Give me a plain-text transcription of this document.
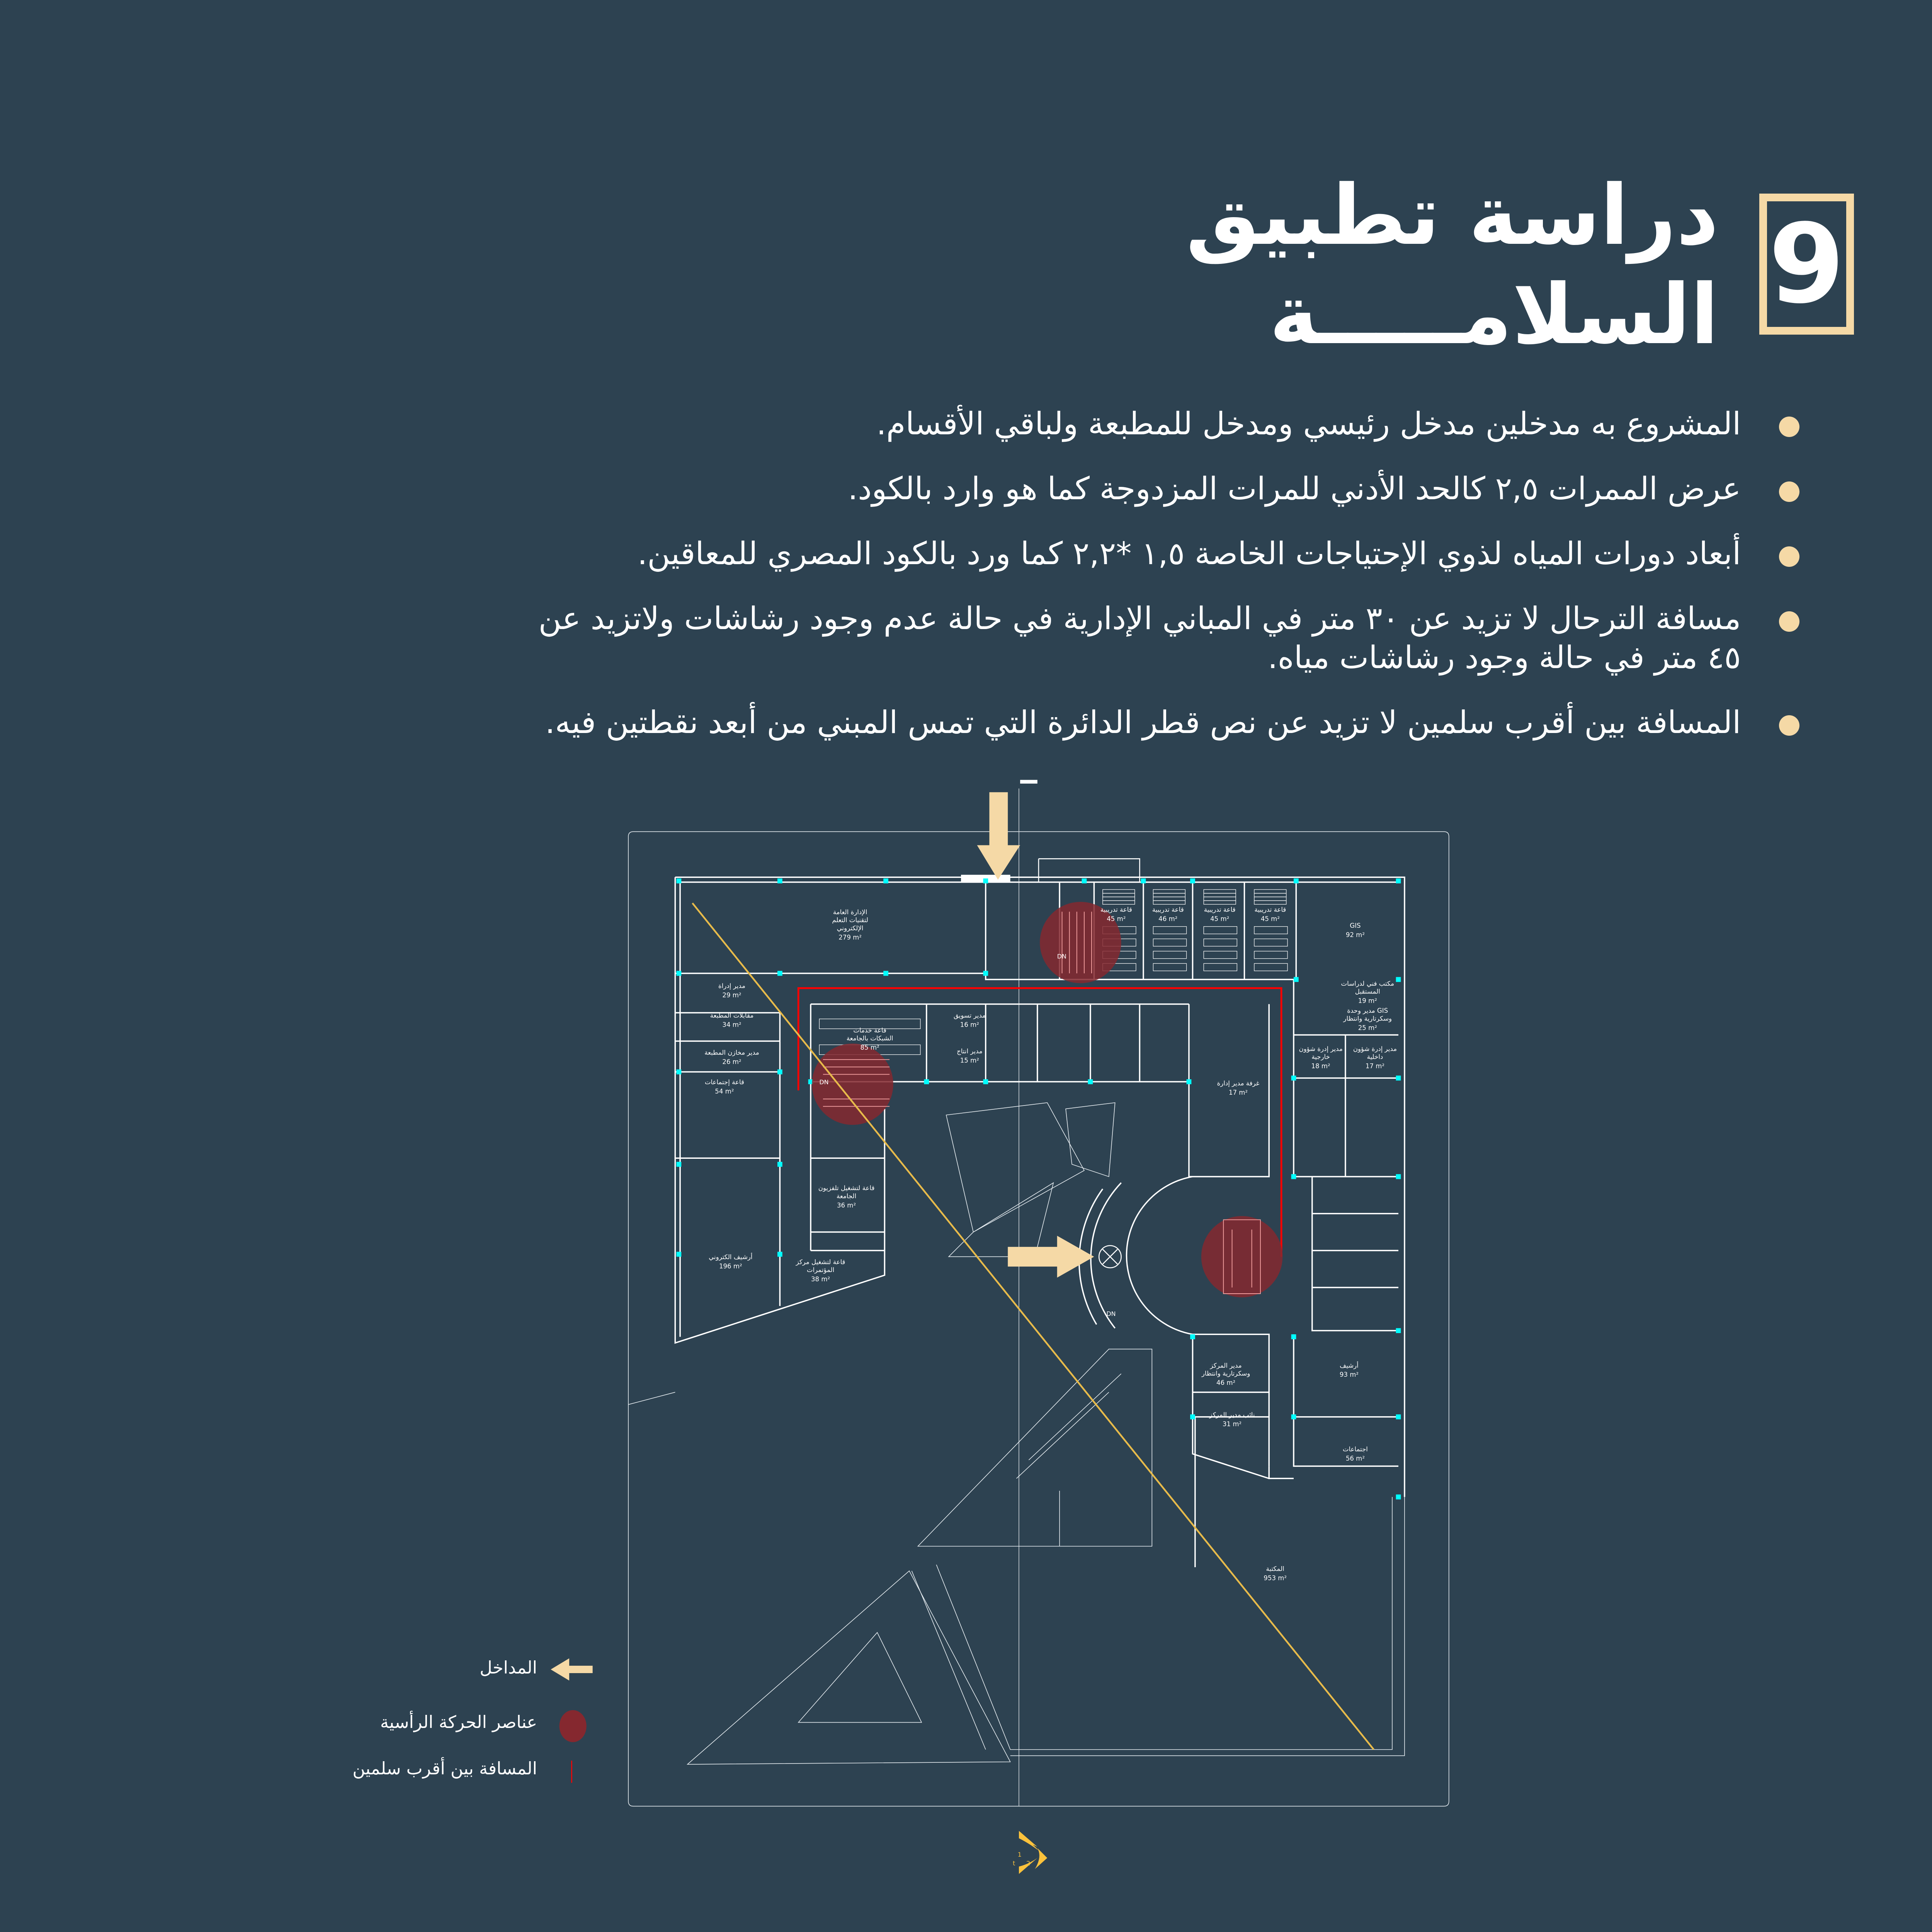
DN
DN
DN
الإدارة العامة
لتقنيات التعلم
الإلكتروني
279 m²
مدير إدراة
29 m²
مقابلات المطبعة
34 m²
مدير مخازن المطبعة
26 m²
قاعة إجتماعات
54 m²
قاعة خدمات
الشبكات بالجامعة
85 m²
مدير تسويق
16 m²
مدير انتاج
15 m²
قاعة تدريبية
45 m²
قاعة تدريبية
46 m²
قاعة تدريبية
45 m²
قاعة تدريبية
45 m²
GIS
92 m²
مكتب فني لدراسات
المستقبل
19 m²
مدير وحدة GIS
وسكرتارية وانتظار
25 m²
مدير إدرة شؤون
خارجية
18 m²
مدير إدرة شؤون
داخلية
17 m²
غرفة مدير إدارة
17 m²
مدير المركز
وسكرتارية وانتظار
46 m²
نائب مدير المركز
31 m²
أرشيف
93 m²
اجتماعات
56 m²
المكتبة
953 m²
أرشيف الكتروني
196 m²
قاعة لتشغيل تلفزيون
الجامعة
36 m²
قاعة لتشغيل مركز
المؤتمرات
38 m²
1
t	2
9
دراسة تطبيق
السلامـــــة
المشروع به مدخلين مدخل رئيسي ومدخل للمطبعة ولباقي الأقسام.
عرض الممرات ٢,٥ كالحد الأدني للمرات المزدوجة كما هو وارد بالكود.
أبعاد دورات المياه لذوي الإحتياجات الخاصة ١,٥ *٢,٢ كما ورد بالكود المصري للمعاقين.
مسافة الترحال لا تزيد عن ٣٠ متر في المباني الإدارية في حالة عدم وجود رشاشات ولاتزيد عن ٤٥ متر في حالة وجود رشاشات مياه.
المسافة بين أقرب سلمين لا تزيد عن نص قطر الدائرة التي تمس المبني من أبعد نقطتين فيه.
المداخل
عناصر الحركة الرأسية
المسافة بين أقرب سلمين
